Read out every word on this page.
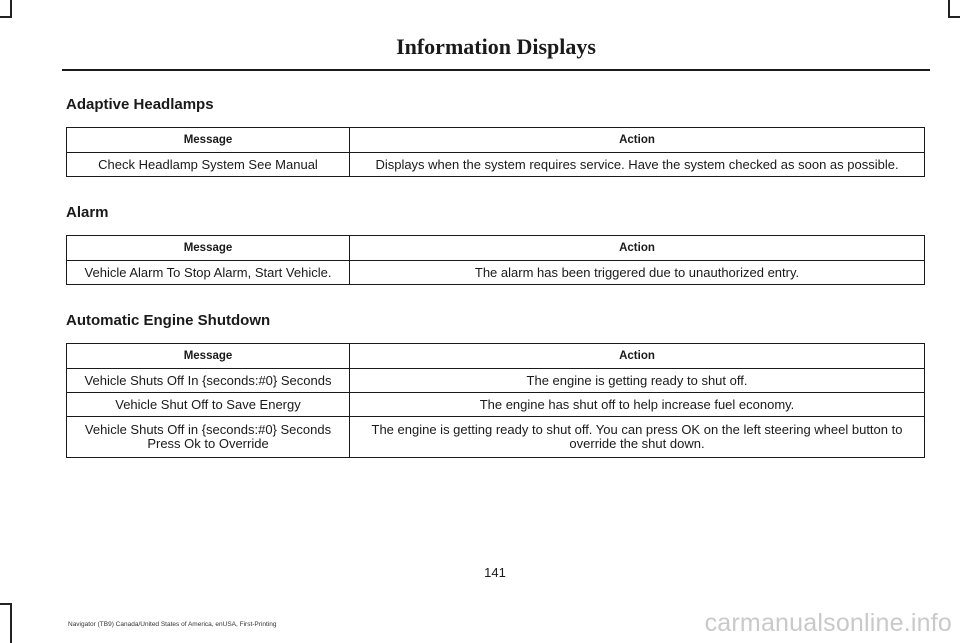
Information Displays
Adaptive Headlamps
Message	Action
Check Headlamp System See Manual	Displays when the system requires service. Have the system checked as soon as possible.
Alarm
Message	Action
Vehicle Alarm To Stop Alarm, Start Vehicle.	The alarm has been triggered due to unauthorized entry.
Automatic Engine Shutdown
Message	Action
Vehicle Shuts Off In {seconds:#0} Seconds	The engine is getting ready to shut off.
Vehicle Shut Off to Save Energy	The engine has shut off to help increase fuel economy.
Vehicle Shuts Off in {seconds:#0} Seconds Press Ok to Override	The engine is getting ready to shut off. You can press OK on the left steering wheel button to override the shut down.
141
Navigator (TB9) Canada/United States of America, enUSA, First-Printing	carmanualsonline.info
